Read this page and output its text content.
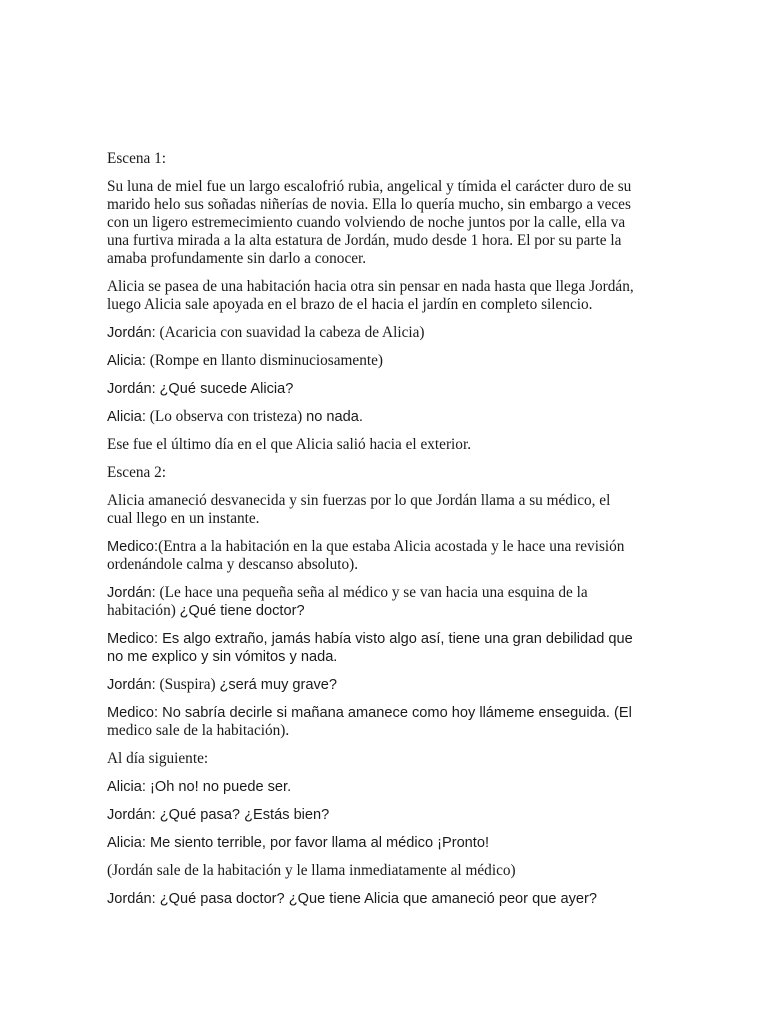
Escena 1:

Su luna de miel fue un largo escalofrió rubia, angelical y tímida el carácter duro de su marido helo sus soñadas niñerías de novia. Ella lo quería mucho, sin embargo a veces con un ligero estremecimiento cuando volviendo de noche juntos por la calle, ella va una furtiva mirada a la alta estatura de Jordán, mudo desde 1 hora. El por su parte la amaba profundamente sin darlo a conocer.

Alicia se pasea de una habitación hacia otra sin pensar en nada hasta que llega Jordán, luego Alicia sale apoyada en el brazo de el hacia el jardín en completo silencio.

Jordán: (Acaricia con suavidad la cabeza de Alicia)

Alicia: (Rompe en llanto disminuciosamente)

Jordán: ¿Qué sucede Alicia?

Alicia: (Lo observa con tristeza) no nada.

Ese fue el último día en el que Alicia salió hacia el exterior.

Escena 2:

Alicia amaneció desvanecida y sin fuerzas por lo que Jordán llama a su médico, el cual llego en un instante.

Medico:(Entra a la habitación en la que estaba Alicia acostada y le hace una revisión ordenándole calma y descanso absoluto).

Jordán: (Le hace una pequeña seña al médico y se van hacia una esquina de la habitación) ¿Qué tiene doctor?

Medico: Es algo extraño, jamás había visto algo así, tiene una gran debilidad que no me explico y sin vómitos y nada.

Jordán: (Suspira) ¿será muy grave?

Medico: No sabría decirle si mañana amanece como hoy llámeme enseguida. (El medico sale de la habitación).

Al día siguiente:

Alicia: ¡Oh no! no puede ser.

Jordán: ¿Qué pasa? ¿Estás bien?

Alicia: Me siento terrible, por favor llama al médico ¡Pronto!

(Jordán sale de la habitación y le llama inmediatamente al médico)

Jordán: ¿Qué pasa doctor? ¿Que tiene Alicia que amaneció peor que ayer?
